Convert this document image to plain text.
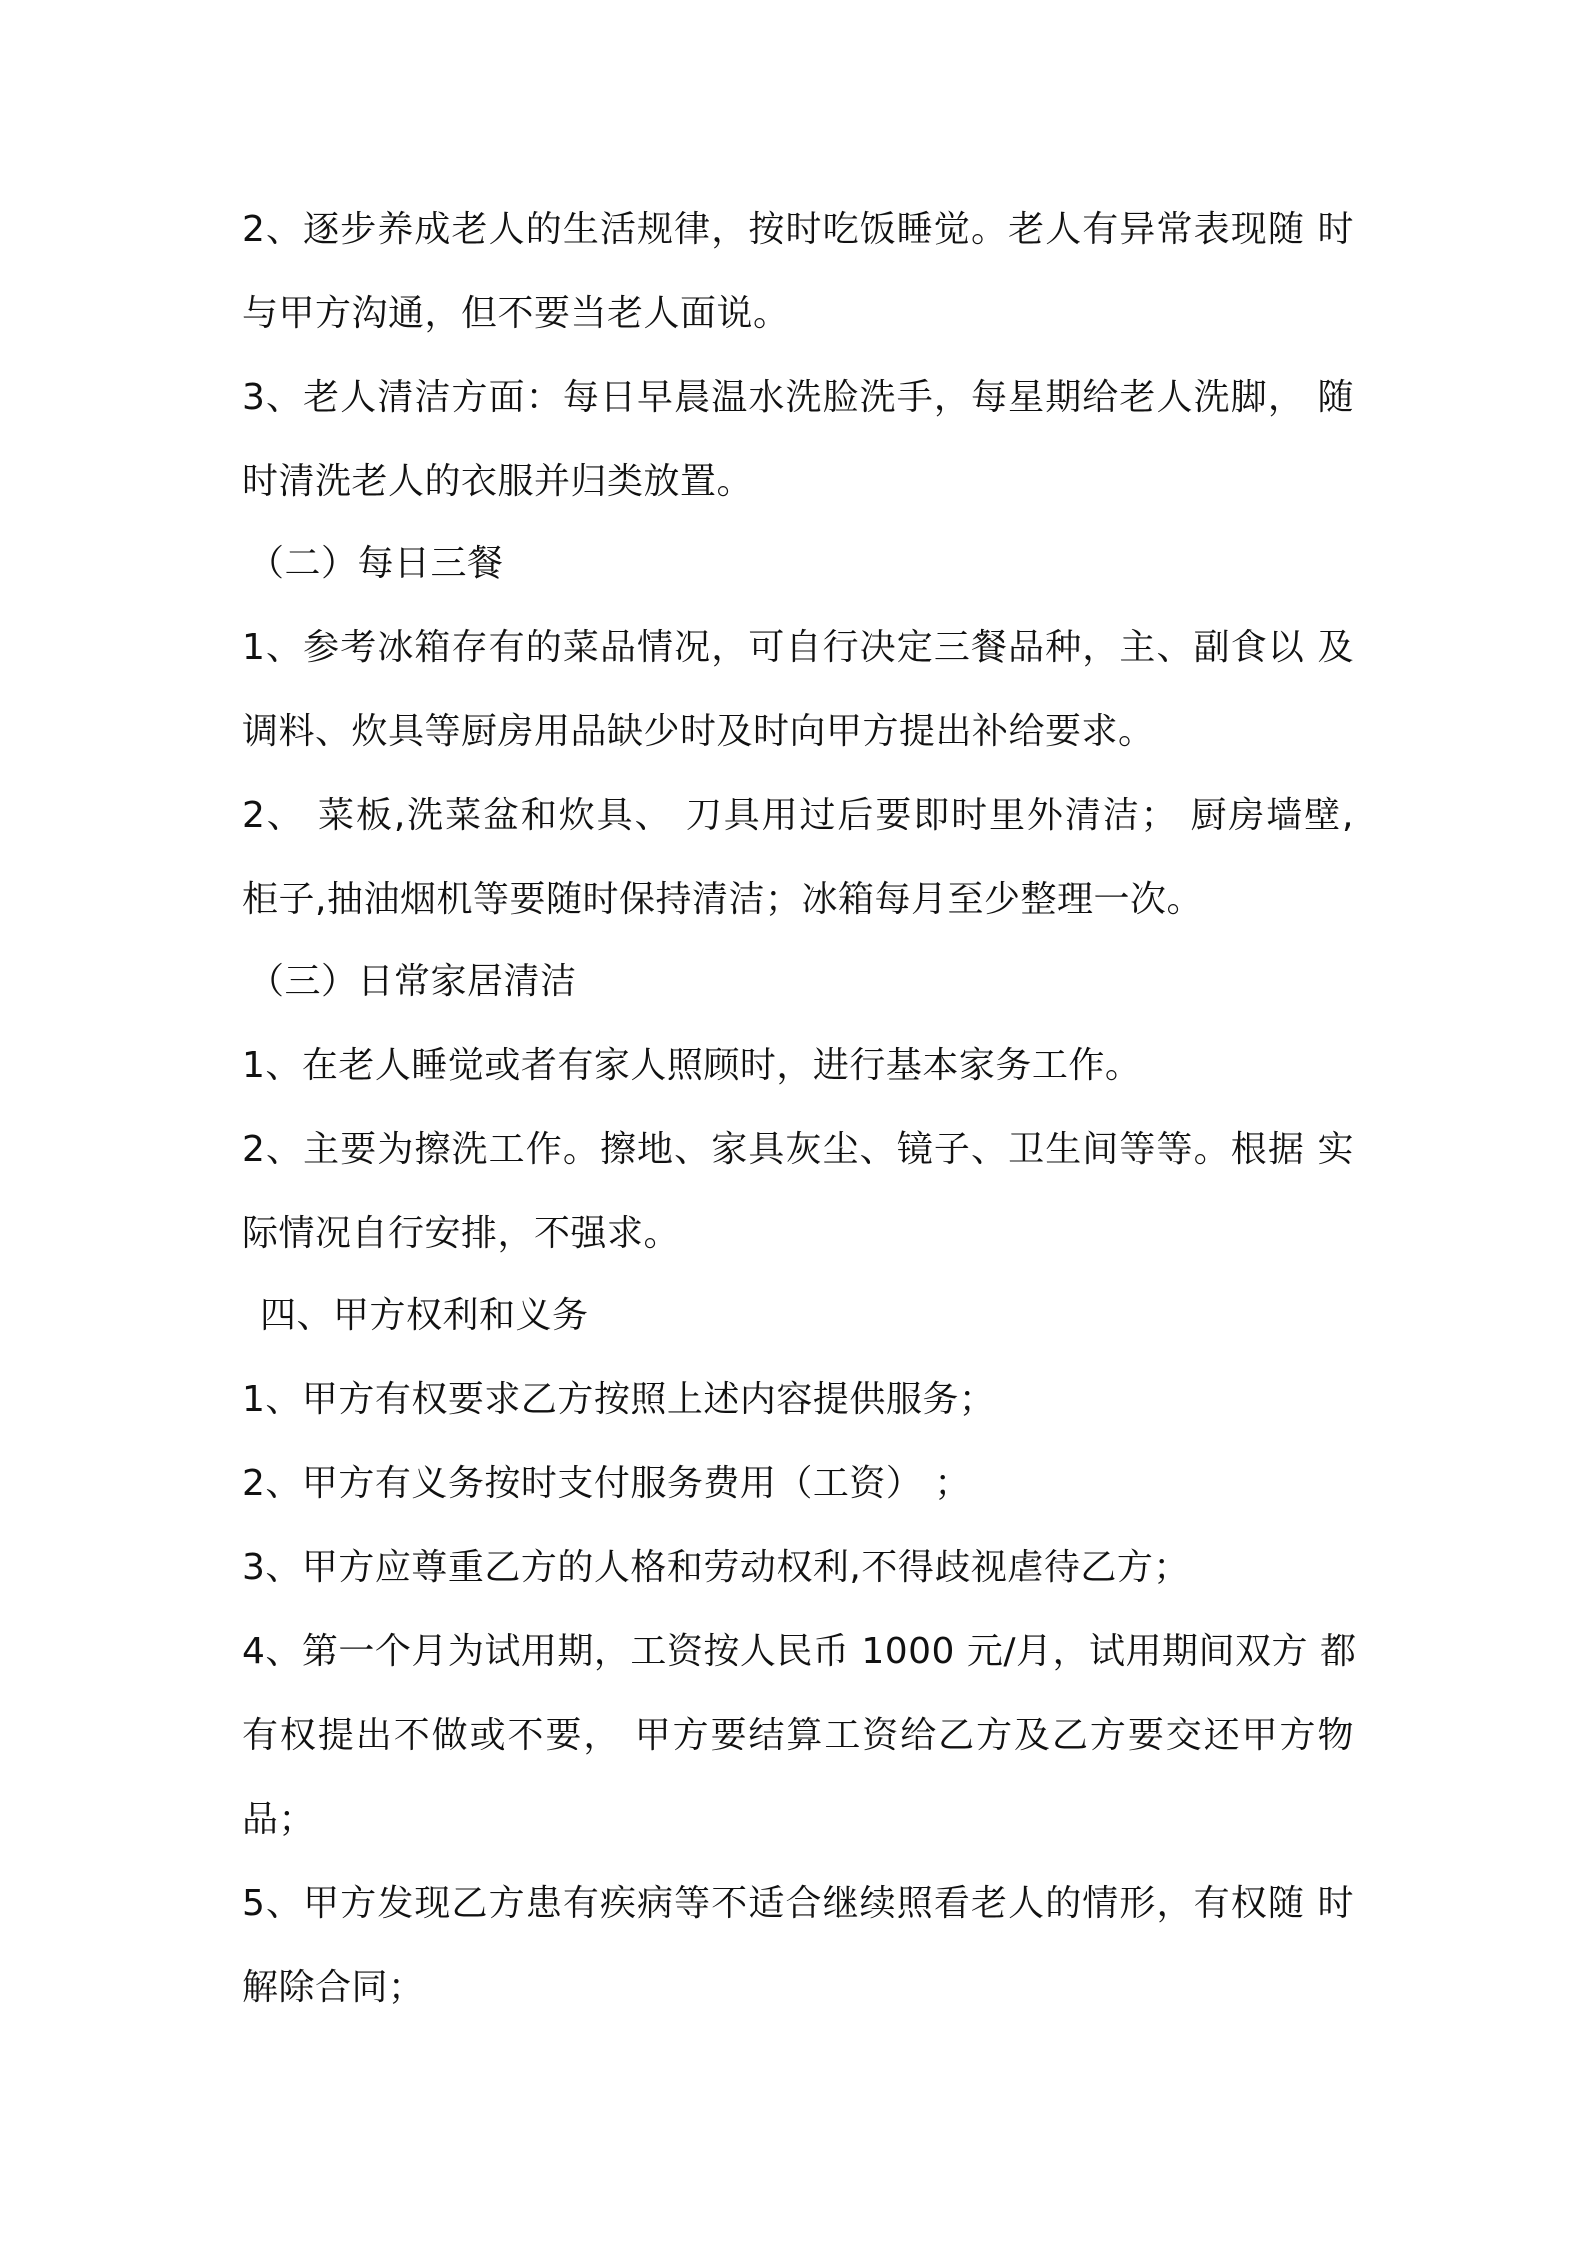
2、逐步养成老人的生活规律，按时吃饭睡觉。老人有异常表现随 时
与甲方沟通，但不要当老人面说。
3、老人清洁方面：每日早晨温水洗脸洗手，每星期给老人洗脚， 随
时清洗老人的衣服并归类放置。
（二）每日三餐
1、参考冰箱存有的菜品情况，可自行决定三餐品种，主、副食以 及
调料、炊具等厨房用品缺少时及时向甲方提出补给要求。
2、 菜板,洗菜盆和炊具、 刀具用过后要即时里外清洁； 厨房墙壁,
柜子,抽油烟机等要随时保持清洁；冰箱每月至少整理一次。
（三）日常家居清洁
1、在老人睡觉或者有家人照顾时，进行基本家务工作。
2、主要为擦洗工作。擦地、家具灰尘、镜子、卫生间等等。根据 实
际情况自行安排，不强求。
四、甲方权利和义务
1、甲方有权要求乙方按照上述内容提供服务；
2、甲方有义务按时支付服务费用（工资） ；
3、甲方应尊重乙方的人格和劳动权利,不得歧视虐待乙方；
4、第一个月为试用期，工资按人民币 1000 元/月，试用期间双方 都
有权提出不做或不要， 甲方要结算工资给乙方及乙方要交还甲方物
品；
5、甲方发现乙方患有疾病等不适合继续照看老人的情形，有权随 时
解除合同；
